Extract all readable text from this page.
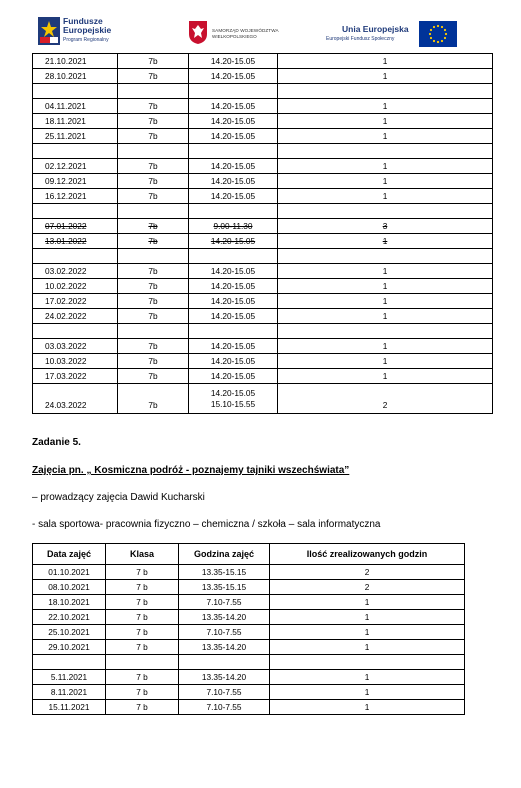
Fundusze
Europejskie
Program Regionalny
SAMORZĄD WOJEWÓDZTWA
WIELKOPOLSKIEGO
Unia Europejska
Europejski Fundusz Społeczny
21.10.2021	7b	14.20-15.05	1
28.10.2021	7b	14.20-15.05	1

04.11.2021	7b	14.20-15.05	1
18.11.2021	7b	14.20-15.05	1
25.11.2021	7b	14.20-15.05	1

02.12.2021	7b	14.20-15.05	1
09.12.2021	7b	14.20-15.05	1
16.12.2021	7b	14.20-15.05	1

07.01.2022	7b	9.00-11.30	3
13.01.2022	7b	14.20-15.05	1

03.02.2022	7b	14.20-15.05	1
10.02.2022	7b	14.20-15.05	1
17.02.2022	7b	14.20-15.05	1
24.02.2022	7b	14.20-15.05	1

03.03.2022	7b	14.20-15.05	1
10.03.2022	7b	14.20-15.05	1
17.03.2022	7b	14.20-15.05	1
24.03.2022	7b	14.20-15.05
15.10-15.55	2
Zadanie 5.
Zajęcia pn. „ Kosmiczna podróż - poznajemy tajniki wszechświata”
– prowadzący zajęcia Dawid Kucharski
- sala sportowa- pracownia fizyczno – chemiczna / szkoła – sala informatyczna
Data zajęć	Klasa	Godzina zajęć	Ilość zrealizowanych godzin
01.10.2021	7 b	13.35-15.15	2
08.10.2021	7 b	13.35-15.15	2
18.10.2021	7 b	7.10-7.55	1
22.10.2021	7 b	13.35-14.20	1
25.10.2021	7 b	7.10-7.55	1
29.10.2021	7 b	13.35-14.20	1

5.11.2021	7 b	13.35-14.20	1
8.11.2021	7 b	7.10-7.55	1
15.11.2021	7 b	7.10-7.55	1
